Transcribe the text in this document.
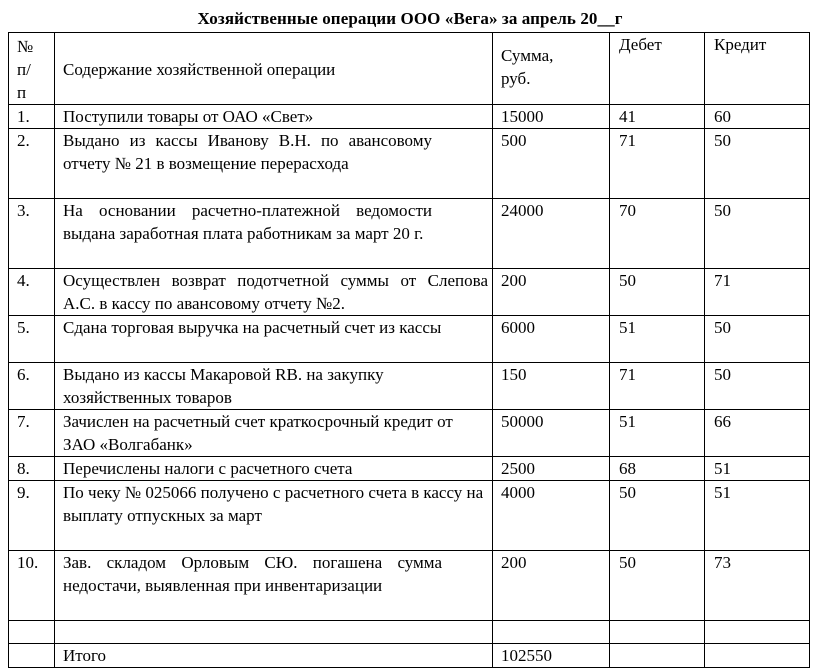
Хозяйственные операции ООО «Вега» за апрель 20__г
№ п/ п	Содержание хозяйственной операции	Сумма, руб.	Дебет	Кредит

1.	Поступили товары от ОАО «Свет»	15000	41	60
2.	Выдано из кассы Иванову В.Н. по авансовому отчету № 21 в возмещение перерасхода	500	71	50
3.	На основании расчетно-платежной ведомости выдана заработная плата работникам за март 20 г.	24000	70	50
4.	Осуществлен возврат подотчетной суммы от Слепова А.С. в кассу по авансовому отчету №2.	200	50	71
5.	Сдана торговая выручка на расчетный счет из кассы	6000	51	50
6.	Выдано из кассы Макаровой RB. на закупку хозяйственных товаров	150	71	50
7.	Зачислен на расчетный счет краткосрочный кредит от ЗАО «Волгабанк»	50000	51	66
8.	Перечислены налоги с расчетного счета	2500	68	51
9.	По чеку № 025066 получено с расчетного счета в кассу на выплату отпускных за март	4000	50	51
10.	Зав. складом Орловым СЮ. погашена сумма недостачи, выявленная при инвентаризации	200	50	73

	Итого	102550		
